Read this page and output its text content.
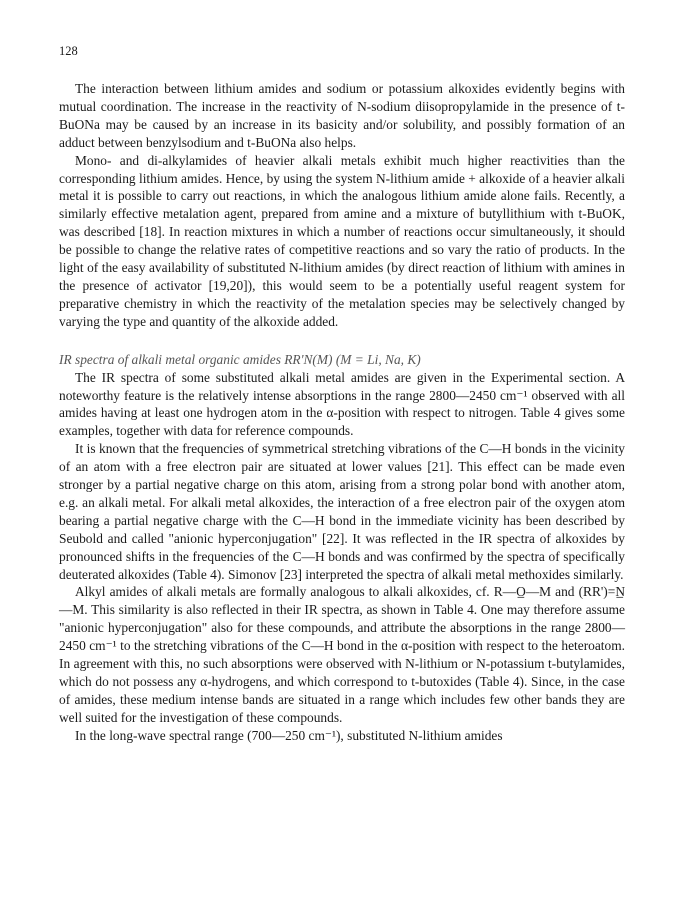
128

The interaction between lithium amides and sodium or potassium alkoxides evidently begins with mutual coordination. The increase in the reactivity of N-sodium diisopropylamide in the presence of t-BuONa may be caused by an increase in its basicity and/or solubility, and possibly formation of an adduct between benzylsodium and t-BuONa also helps.

Mono- and di-alkylamides of heavier alkali metals exhibit much higher reactivities than the corresponding lithium amides. Hence, by using the system N-lithium amide + alkoxide of a heavier alkali metal it is possible to carry out reactions, in which the analogous lithium amide alone fails. Recently, a similarly effective metalation agent, prepared from amine and a mixture of butyllithium with t-BuOK, was described [18]. In reaction mixtures in which a number of reactions occur simultaneously, it should be possible to change the relative rates of competitive reactions and so vary the ratio of products. In the light of the easy availability of substituted N-lithium amides (by direct reaction of lithium with amines in the presence of activator [19,20]), this would seem to be a potentially useful reagent system for preparative chemistry in which the reactivity of the metalation species may be selectively changed by varying the type and quantity of the alkoxide added.

IR spectra of alkali metal organic amides RR'N(M) (M = Li, Na, K)

The IR spectra of some substituted alkali metal amides are given in the Experimental section. A noteworthy feature is the relatively intense absorptions in the range 2800—2450 cm⁻¹ observed with all amides having at least one hydrogen atom in the α-position with respect to nitrogen. Table 4 gives some examples, together with data for reference compounds.

It is known that the frequencies of symmetrical stretching vibrations of the C—H bonds in the vicinity of an atom with a free electron pair are situated at lower values [21]. This effect can be made even stronger by a partial negative charge on this atom, arising from a strong polar bond with another atom, e.g. an alkali metal. For alkali metal alkoxides, the interaction of a free electron pair of the oxygen atom bearing a partial negative charge with the C—H bond in the immediate vicinity has been described by Seubold and called "anionic hyperconjugation" [22]. It was reflected in the IR spectra of alkoxides by pronounced shifts in the frequencies of the C—H bonds and was confirmed by the spectra of specifically deuterated alkoxides (Table 4). Simonov [23] interpreted the spectra of alkali metal methoxides similarly.

Alkyl amides of alkali metals are formally analogous to alkali alkoxides, cf. R—O̲—M and (RR')=N̲—M. This similarity is also reflected in their IR spectra, as shown in Table 4. One may therefore assume "anionic hyperconjugation" also for these compounds, and attribute the absorptions in the range 2800—2450 cm⁻¹ to the stretching vibrations of the C—H bond in the α-position with respect to the heteroatom. In agreement with this, no such absorptions were observed with N-lithium or N-potassium t-butylamides, which do not possess any α-hydrogens, and which correspond to t-butoxides (Table 4). Since, in the case of amides, these medium intense bands are situated in a range which includes few other bands they are well suited for the investigation of these compounds.

In the long-wave spectral range (700—250 cm⁻¹), substituted N-lithium amides
